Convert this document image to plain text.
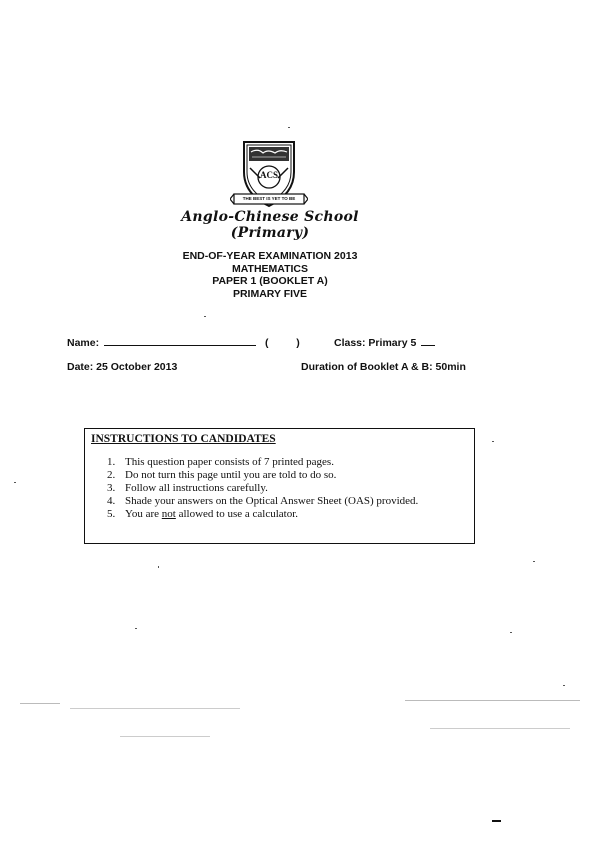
THE BEST IS YET TO BE
ACS
Anglo-Chinese School (Primary)
END-OF-YEAR EXAMINATION 2013
MATHEMATICS
PAPER 1 (BOOKLET A)
PRIMARY FIVE
Name:	(	)	Class: Primary 5
Date: 25 October 2013	Duration of Booklet A & B: 50min
INSTRUCTIONS TO CANDIDATES
1. This question paper consists of 7 printed pages.
2. Do not turn this page until you are told to do so.
3. Follow all instructions carefully.
4. Shade your answers on the Optical Answer Sheet (OAS) provided.
5. You are not allowed to use a calculator.
